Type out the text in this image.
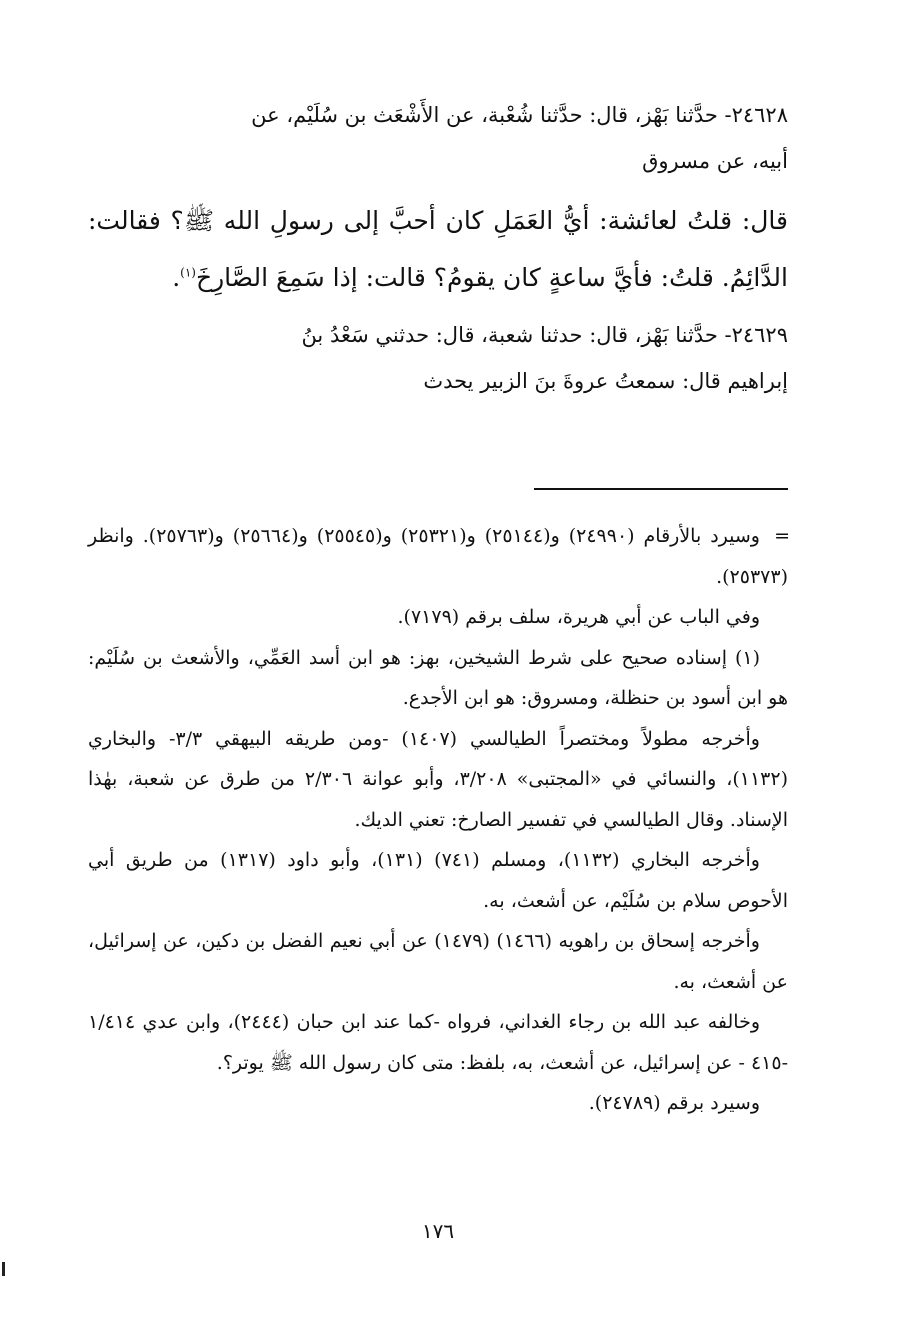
٢٤٦٢٨- حدَّثنا بَهْز، قال: حدَّثنا شُعْبة، عن الأَشْعَث بن سُلَيْم، عن
أبيه، عن مسروق

قال: قلتُ لعائشة: أيُّ العَمَلِ كان أحبَّ إلى رسولِ الله ﷺ؟ فقالت: الدَّائِمُ. قلتُ: فأيَّ ساعةٍ كان يقومُ؟ قالت: إذا سَمِعَ الصَّارِخَ$^{(١)}$.

٢٤٦٢٩- حدَّثنا بَهْز، قال: حدثنا شعبة، قال: حدثني سَعْدُ بنُ
إبراهيم قال: سمعتُ عروةَ بنَ الزبير يحدث

=
وسيرد بالأرقام (٢٤٩٩٠) و(٢٥١٤٤) و(٢٥٣٢١) و(٢٥٥٤٥) و(٢٥٦٦٤) و(٢٥٧٦٣). وانظر (٢٥٣٧٣).

وفي الباب عن أبي هريرة، سلف برقم (٧١٧٩).

(١) إسناده صحيح على شرط الشيخين، بهز: هو ابن أسد العَمِّي، والأشعث بن سُلَيْم: هو ابن أسود بن حنظلة، ومسروق: هو ابن الأجدع.

وأخرجه مطولاً ومختصراً الطيالسي (١٤٠٧) -ومن طريقه البيهقي ٣/٣- والبخاري (١١٣٢)، والنسائي في «المجتبى» ٣/٢٠٨، وأبو عوانة ٢/٣٠٦ من طرق عن شعبة، بهٰذا الإسناد. وقال الطيالسي في تفسير الصارخ: تعني الديك.

وأخرجه البخاري (١١٣٢)، ومسلم (٧٤١) (١٣١)، وأبو داود (١٣١٧) من طريق أبي الأحوص سلام بن سُلَيْم، عن أشعث، به.

وأخرجه إسحاق بن راهويه (١٤٦٦) (١٤٧٩) عن أبي نعيم الفضل بن دكين، عن إسرائيل، عن أشعث، به.

وخالفه عبد الله بن رجاء الغداني، فرواه -كما عند ابن حبان (٢٤٤٤)، وابن عدي ١/٤١٤ -٤١٥ - عن إسرائيل، عن أشعث، به، بلفظ: متى كان رسول الله ﷺ يوتر؟.

وسيرد برقم (٢٤٧٨٩).

١٧٦
